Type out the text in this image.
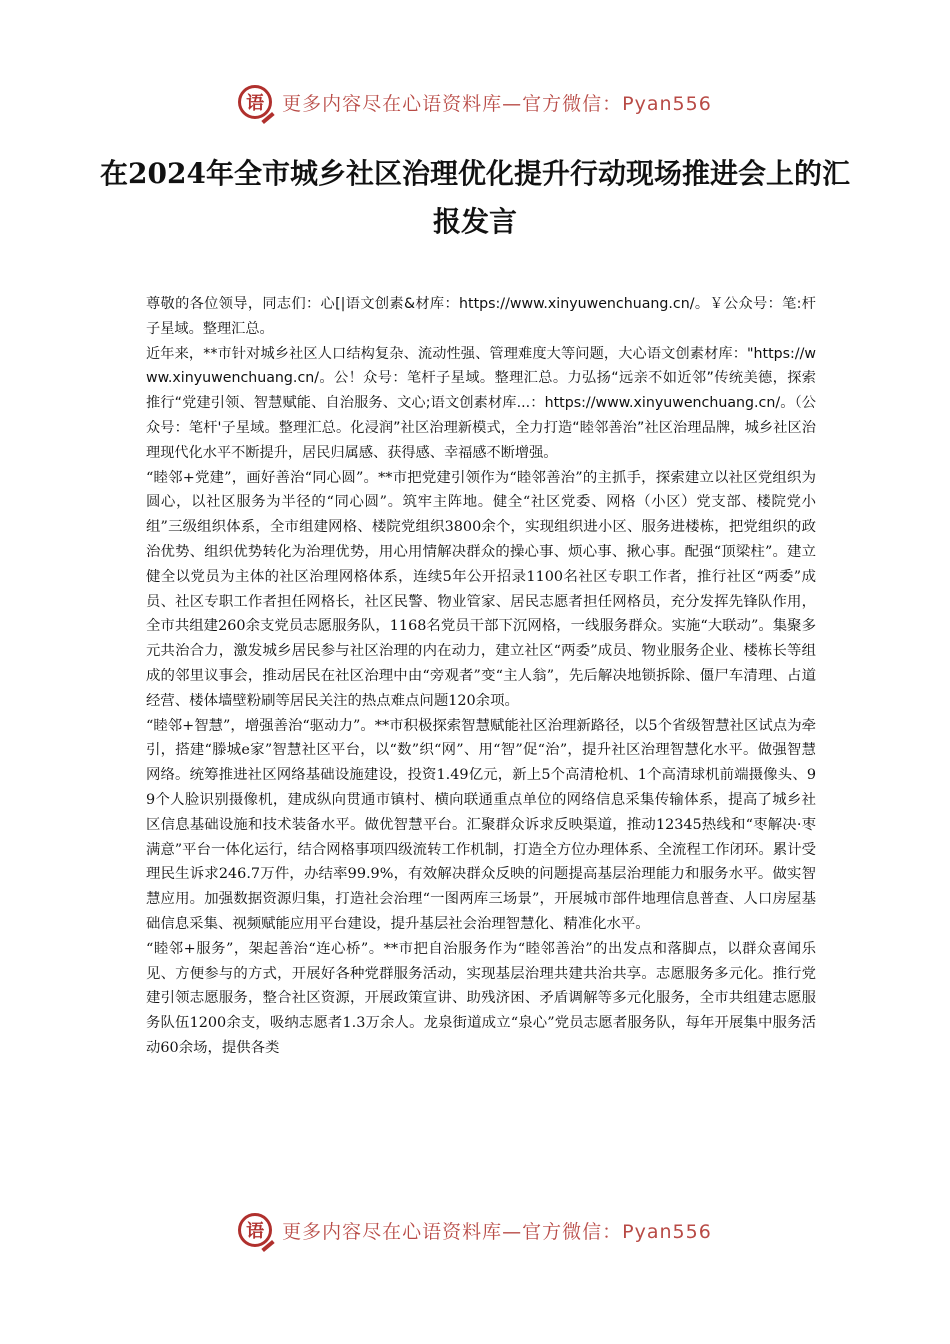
语 更多内容尽在心语资料库—官方微信：Pyan556
在2024年全市城乡社区治理优化提升行动现场推进会上的汇报发言

尊敬的各位领导，同志们：心[|语文创素&材库：https://www.xinyuwenchuang.cn/。￥公众号：笔:杆子星域。整理汇总。

近年来，**市针对城乡社区人口结构复杂、流动性强、管理难度大等问题，大心语文创素材库："https://www.xinyuwenchuang.cn/。公！众号：笔杆子星域。整理汇总。力弘扬“远亲不如近邻”传统美德，探索推行“党建引领、智慧赋能、自治服务、文心;语文创素材库...：https://www.xinyuwenchuang.cn/。（公众号：笔杆'子星域。整理汇总。化浸润”社区治理新模式，全力打造“睦邻善治”社区治理品牌，城乡社区治理现代化水平不断提升，居民归属感、获得感、幸福感不断增强。

“睦邻+党建”，画好善治“同心圆”。**市把党建引领作为“睦邻善治”的主抓手，探索建立以社区党组织为圆心，以社区服务为半径的“同心圆”。筑牢主阵地。健全“社区党委、网格（小区）党支部、楼院党小组”三级组织体系，全市组建网格、楼院党组织3800余个，实现组织进小区、服务进楼栋，把党组织的政治优势、组织优势转化为治理优势，用心用情解决群众的操心事、烦心事、揪心事。配强“顶梁柱”。建立健全以党员为主体的社区治理网格体系，连续5年公开招录1100名社区专职工作者，推行社区“两委”成员、社区专职工作者担任网格长，社区民警、物业管家、居民志愿者担任网格员，充分发挥先锋队作用，全市共组建260余支党员志愿服务队，1168名党员干部下沉网格，一线服务群众。实施“大联动”。集聚多元共治合力，激发城乡居民参与社区治理的内在动力，建立社区“两委”成员、物业服务企业、楼栋长等组成的邻里议事会，推动居民在社区治理中由“旁观者”变“主人翁”，先后解决地锁拆除、僵尸车清理、占道经营、楼体墙壁粉刷等居民关注的热点难点问题120余项。

“睦邻+智慧”，增强善治“驱动力”。**市积极探索智慧赋能社区治理新路径，以5个省级智慧社区试点为牵引，搭建“滕城e家”智慧社区平台，以“数”织“网”、用“智”促“治”，提升社区治理智慧化水平。做强智慧网络。统筹推进社区网络基础设施建设，投资1.49亿元，新上5个高清枪机、1个高清球机前端摄像头、99个人脸识别摄像机，建成纵向贯通市镇村、横向联通重点单位的网络信息采集传输体系，提高了城乡社区信息基础设施和技术装备水平。做优智慧平台。汇聚群众诉求反映渠道，推动12345热线和“枣解决·枣满意”平台一体化运行，结合网格事项四级流转工作机制，打造全方位办理体系、全流程工作闭环。累计受理民生诉求246.7万件，办结率99.9%，有效解决群众反映的问题提高基层治理能力和服务水平。做实智慧应用。加强数据资源归集，打造社会治理“一图两库三场景”，开展城市部件地理信息普查、人口房屋基础信息采集、视频赋能应用平台建设，提升基层社会治理智慧化、精准化水平。

“睦邻+服务”，架起善治“连心桥”。**市把自治服务作为“睦邻善治”的出发点和落脚点，以群众喜闻乐见、方便参与的方式，开展好各种党群服务活动，实现基层治理共建共治共享。志愿服务多元化。推行党建引领志愿服务，整合社区资源，开展政策宣讲、助残济困、矛盾调解等多元化服务，全市共组建志愿服务队伍1200余支，吸纳志愿者1.3万余人。龙泉街道成立“泉心”党员志愿者服务队，每年开展集中服务活动60余场，提供各类

语 更多内容尽在心语资料库—官方微信：Pyan556
